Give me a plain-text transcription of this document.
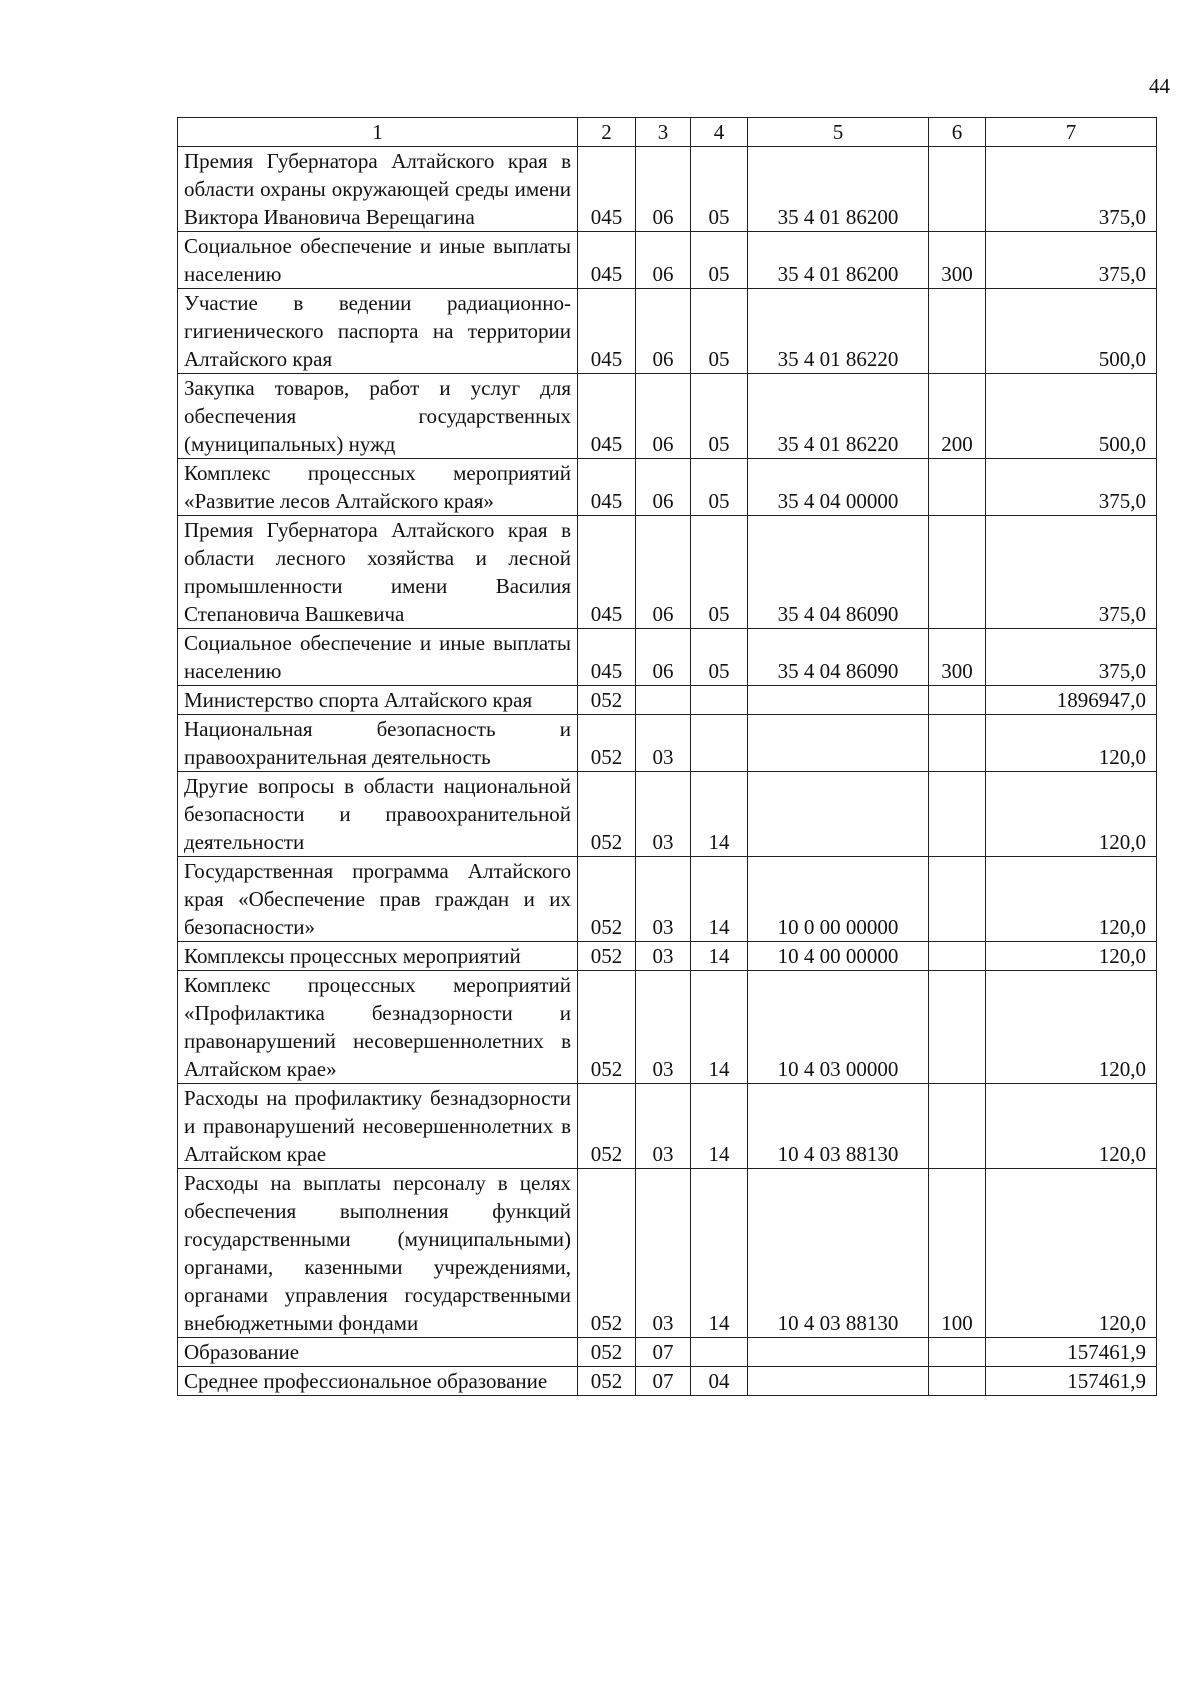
44
1	2	3	4	5	6	7
Премия Губернатора Алтайского края в области охраны окружающей среды имени Виктора Ивановича Верещагина	045	06	05	35 4 01 86200		375,0
Социальное обеспечение и иные выплаты населению	045	06	05	35 4 01 86200	300	375,0
Участие в ведении радиационно-гигиенического паспорта на территории Алтайского края	045	06	05	35 4 01 86220		500,0
Закупка товаров, работ и услуг для обеспечения государственных (муниципальных) нужд	045	06	05	35 4 01 86220	200	500,0
Комплекс процессных мероприятий «Развитие лесов Алтайского края»	045	06	05	35 4 04 00000		375,0
Премия Губернатора Алтайского края в области лесного хозяйства и лесной промышленности имени Василия Степановича Вашкевича	045	06	05	35 4 04 86090		375,0
Социальное обеспечение и иные выплаты населению	045	06	05	35 4 04 86090	300	375,0
Министерство спорта Алтайского края	052					1896947,0
Национальная безопасность и правоохранительная деятельность	052	03				120,0
Другие вопросы в области национальной безопасности и правоохранительной деятельности	052	03	14			120,0
Государственная программа Алтайского края «Обеспечение прав граждан и их безопасности»	052	03	14	10 0 00 00000		120,0
Комплексы процессных мероприятий	052	03	14	10 4 00 00000		120,0
Комплекс процессных мероприятий «Профилактика безнадзорности и правонарушений несовершеннолетних в Алтайском крае»	052	03	14	10 4 03 00000		120,0
Расходы на профилактику безнадзорности и правонарушений несовершеннолетних в Алтайском крае	052	03	14	10 4 03 88130		120,0
Расходы на выплаты персоналу в целях обеспечения выполнения функций государственными (муниципальными) органами, казенными учреждениями, органами управления государственными внебюджетными фондами	052	03	14	10 4 03 88130	100	120,0
Образование	052	07				157461,9
Среднее профессиональное образование	052	07	04			157461,9
